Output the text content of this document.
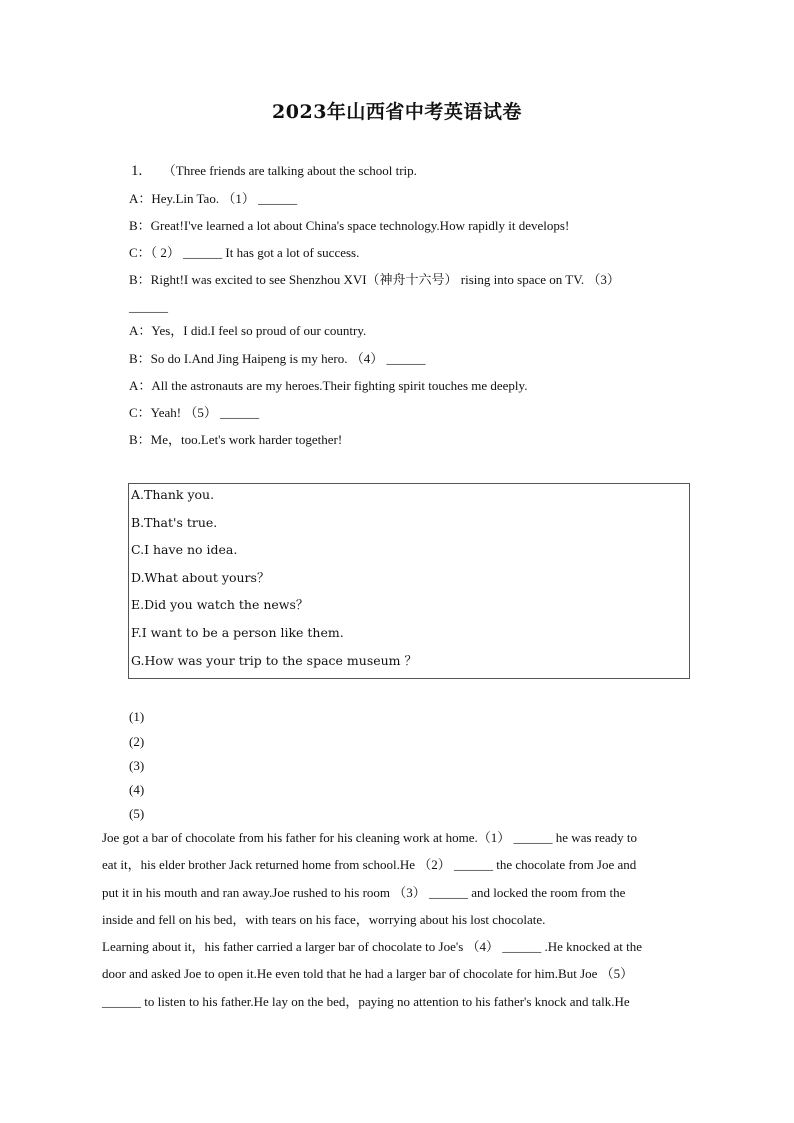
2023年山西省中考英语试卷
1. （Three friends are talking about the school trip.
A：Hey.Lin Tao. （1） ______
B：Great!I've learned a lot about China's space technology.How rapidly it develops!
C：（ 2） ______ It has got a lot of success.
B：Right!I was excited to see Shenzhou XVI（神舟十六号） rising into space on TV. （3）
______
A：Yes，I did.I feel so proud of our country.
B：So do I.And Jing Haipeng is my hero. （4） ______
A：All the astronauts are my heroes.Their fighting spirit touches me deeply.
C：Yeah! （5） ______
B：Me，too.Let's work harder together!
A.Thank you.
B.That's true.
C.I have no idea.
D.What about yours？
E.Did you watch the news？
F.I want to be a person like them.
G.How was your trip to the space museum ？
(1)
(2)
(3)
(4)
(5)
Joe got a bar of chocolate from his father for his cleaning work at home.（1） ______ he was ready to
eat it，his elder brother Jack returned home from school.He （2） ______ the chocolate from Joe and
put it in his mouth and ran away.Joe rushed to his room （3） ______ and locked the room from the
inside and fell on his bed，with tears on his face，worrying about his lost chocolate.
Learning about it，his father carried a larger bar of chocolate to Joe's （4） ______ .He knocked at the
door and asked Joe to open it.He even told that he had a larger bar of chocolate for him.But Joe （5）
______ to listen to his father.He lay on the bed，paying no attention to his father's knock and talk.He
